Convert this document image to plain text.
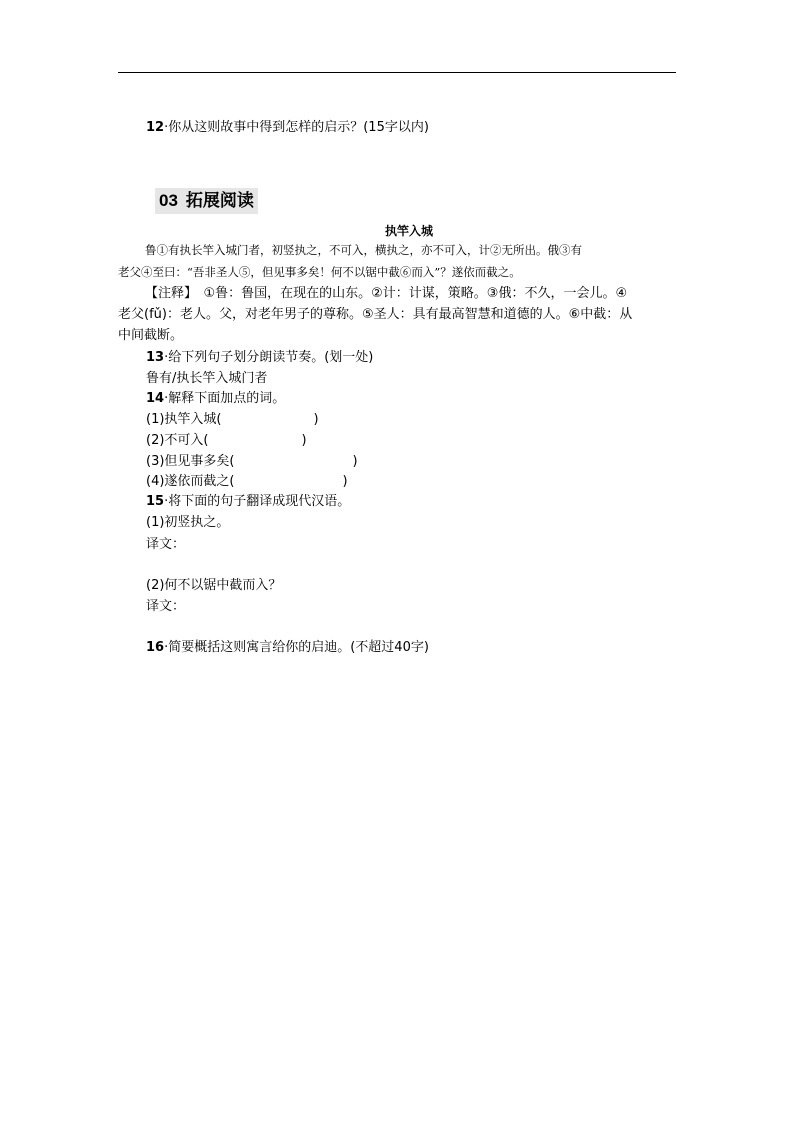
12·你从这则故事中得到怎样的启示？(15字以内)
03 拓展阅读
执竿入城
鲁①有执长竿入城门者，初竖执之，不可入，横执之，亦不可入，计②无所出。俄③有
老父④至曰：“吾非圣人⑤，但见事多矣！何不以锯中截⑥而入”？遂依而截之。
【注释】　①鲁：鲁国，在现在的山东。②计：计谋，策略。③俄：不久，一会儿。④
老父(fǔ)：老人。父，对老年男子的尊称。⑤圣人：具有最高智慧和道德的人。⑥中截：从
中间截断。
13·给下列句子划分朗读节奏。(划一处)
鲁有/执长竿入城门者
14·解释下面加点的词。
(1)执竿入城(	)
(2)不可入(	)
(3)但见事多矣(	)
(4)遂依而截之(	)
15·将下面的句子翻译成现代汉语。
(1)初竖执之。
译文：
(2)何不以锯中截而入？
译文：
16·简要概括这则寓言给你的启迪。(不超过40字)
